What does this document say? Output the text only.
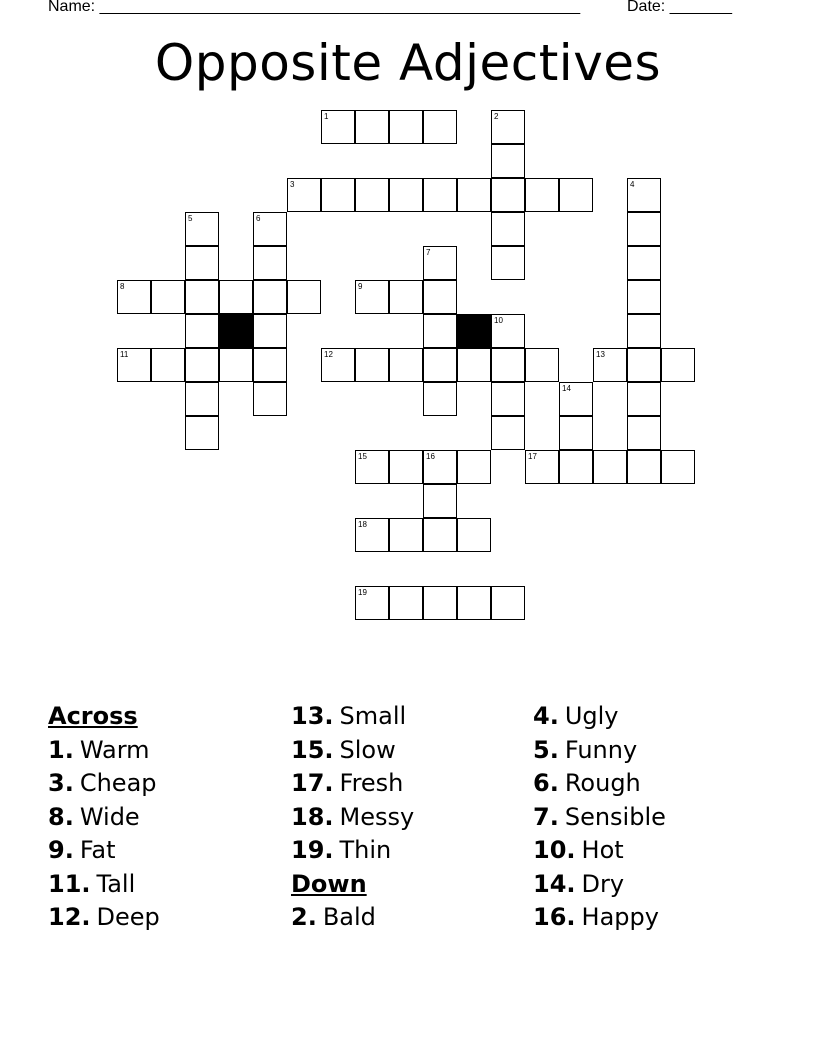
Name: ______________________________________________________	Date: _______
Opposite Adjectives
1	2
3	4
5	6
7
8	9
10
11	12	13
14
15	16	17
18
19
Across
1. Warm
3. Cheap
8. Wide
9. Fat
11. Tall
12. Deep
13. Small
15. Slow
17. Fresh
18. Messy
19. Thin
Down
2. Bald
4. Ugly
5. Funny
6. Rough
7. Sensible
10. Hot
14. Dry
16. Happy
